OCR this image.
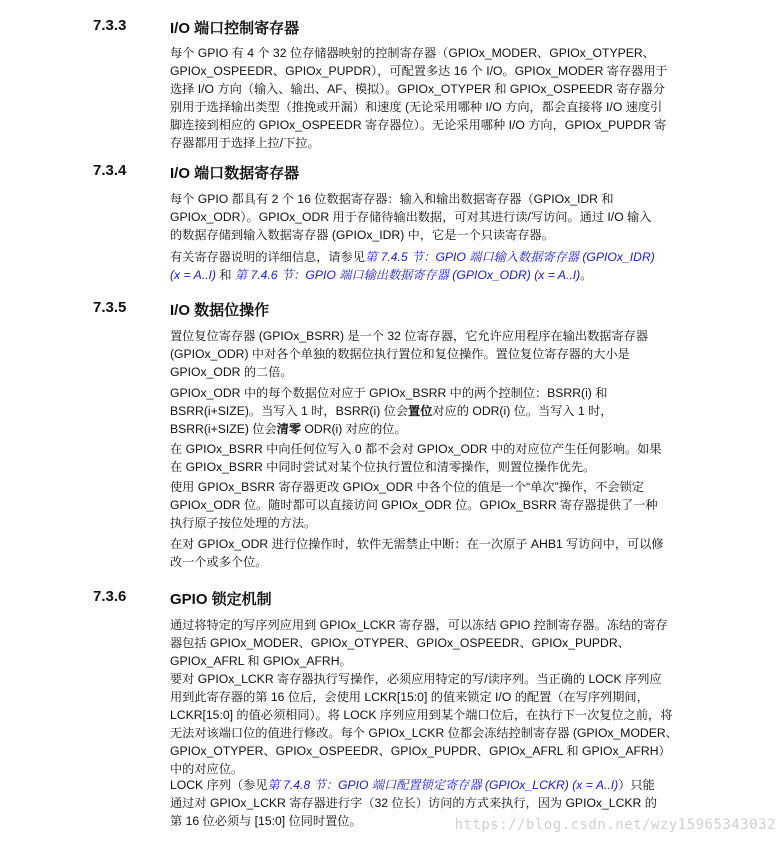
7.3.3	I/O 端口控制寄存器
每个 GPIO 有 4 个 32 位存储器映射的控制寄存器（GPIOx_MODER、GPIOx_OTYPER、
GPIOx_OSPEEDR、GPIOx_PUPDR），可配置多达 16 个 I/O。GPIOx_MODER 寄存器用于
选择 I/O 方向（输入、输出、AF、模拟）。GPIOx_OTYPER 和 GPIOx_OSPEEDR 寄存器分
别用于选择输出类型（推挽或开漏）和速度 (无论采用哪种 I/O 方向，都会直接将 I/O 速度引
脚连接到相应的 GPIOx_OSPEEDR 寄存器位）。无论采用哪种 I/O 方向，GPIOx_PUPDR 寄
存器都用于选择上拉/下拉。
7.3.4	I/O 端口数据寄存器
每个 GPIO 都具有 2 个 16 位数据寄存器：输入和输出数据寄存器（GPIOx_IDR 和
GPIOx_ODR）。GPIOx_ODR 用于存储待输出数据，可对其进行读/写访问。通过 I/O 输入
的数据存储到输入数据寄存器 (GPIOx_IDR) 中，它是一个只读寄存器。
有关寄存器说明的详细信息，请参见第 7.4.5 节：GPIO 端口输入数据寄存器 (GPIOx_IDR)
(x = A..I) 和 第 7.4.6 节：GPIO 端口输出数据寄存器 (GPIOx_ODR) (x = A..I)。
7.3.5	I/O 数据位操作
置位复位寄存器 (GPIOx_BSRR) 是一个 32 位寄存器，它允许应用程序在输出数据寄存器
(GPIOx_ODR) 中对各个单独的数据位执行置位和复位操作。置位复位寄存器的大小是
GPIOx_ODR 的二倍。
GPIOx_ODR 中的每个数据位对应于 GPIOx_BSRR 中的两个控制位：BSRR(i) 和
BSRR(i+SIZE)。当写入 1 时，BSRR(i) 位会置位对应的 ODR(i) 位。当写入 1 时，
BSRR(i+SIZE) 位会清零 ODR(i) 对应的位。
在 GPIOx_BSRR 中向任何位写入 0 都不会对 GPIOx_ODR 中的对应位产生任何影响。如果
在 GPIOx_BSRR 中同时尝试对某个位执行置位和清零操作，则置位操作优先。
使用 GPIOx_BSRR 寄存器更改 GPIOx_ODR 中各个位的值是一个“单次”操作，不会锁定
GPIOx_ODR 位。随时都可以直接访问 GPIOx_ODR 位。GPIOx_BSRR 寄存器提供了一种
执行原子按位处理的方法。
在对 GPIOx_ODR 进行位操作时，软件无需禁止中断：在一次原子 AHB1 写访问中，可以修
改一个或多个位。
7.3.6	GPIO 锁定机制
通过将特定的写序列应用到 GPIOx_LCKR 寄存器，可以冻结 GPIO 控制寄存器。冻结的寄存
器包括 GPIOx_MODER、GPIOx_OTYPER、GPIOx_OSPEEDR、GPIOx_PUPDR、
GPIOx_AFRL 和 GPIOx_AFRH。
要对 GPIOx_LCKR 寄存器执行写操作，必须应用特定的写/读序列。当正确的 LOCK 序列应
用到此寄存器的第 16 位后，会使用 LCKR[15:0] 的值来锁定 I/O 的配置（在写序列期间，
LCKR[15:0] 的值必须相同）。将 LOCK 序列应用到某个端口位后，在执行下一次复位之前，将
无法对该端口位的值进行修改。每个 GPIOx_LCKR 位都会冻结控制寄存器 (GPIOx_MODER、
GPIOx_OTYPER、GPIOx_OSPEEDR、GPIOx_PUPDR、GPIOx_AFRL 和 GPIOx_AFRH）
中的对应位。
LOCK 序列（参见第 7.4.8 节：GPIO 端口配置锁定寄存器 (GPIOx_LCKR) (x = A..I)）只能
通过对 GPIOx_LCKR 寄存器进行字（32 位长）访问的方式来执行，因为 GPIOx_LCKR 的
第 16 位必须与 [15:0] 位同时置位。	https://blog.csdn.net/wzy15965343032
